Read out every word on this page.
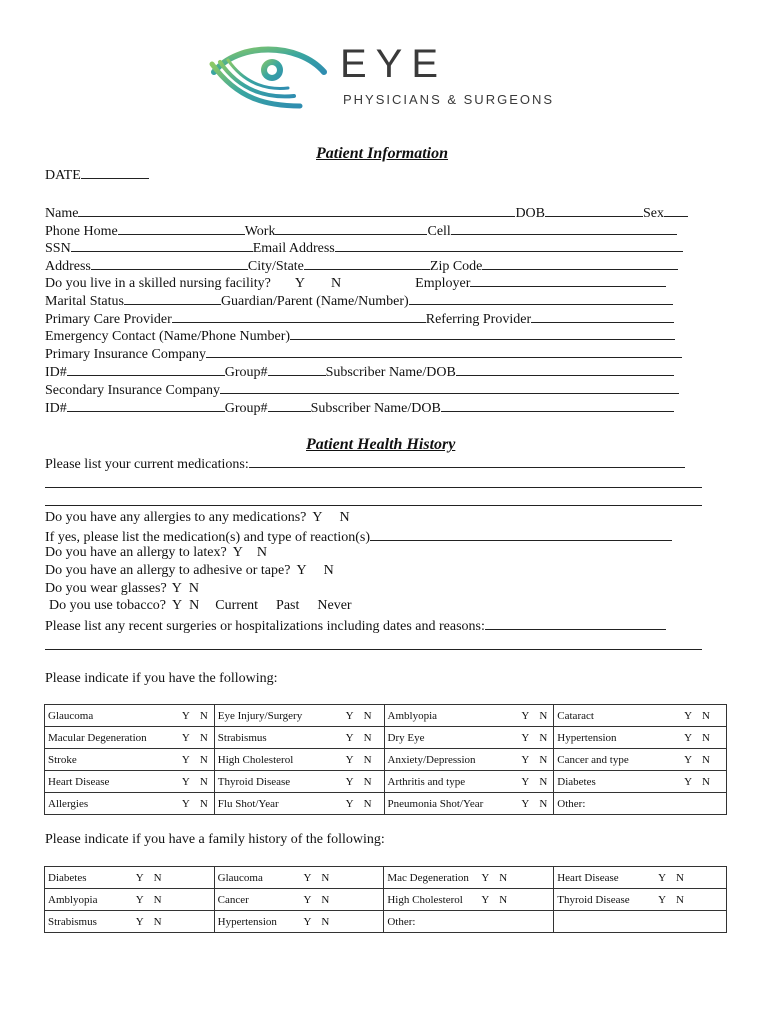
EYE
PHYSICIANS & SURGEONS
Patient Information
DATE
Name	DOB	Sex
Phone Home	Work	Cell
SSN	Email Address
Address	City/State	Zip Code
Do you live in a skilled nursing facility? Y N	Employer
Marital Status	Guardian/Parent (Name/Number)
Primary Care Provider	Referring Provider
Emergency Contact (Name/Phone Number)
Primary Insurance Company
ID#	Group#	Subscriber Name/DOB
Secondary Insurance Company
ID#	Group#	Subscriber Name/DOB
Patient Health History
Please list your current medications:
Do you have any allergies to any medications? Y N
If yes, please list the medication(s) and type of reaction(s)
Do you have an allergy to latex? Y N
Do you have an allergy to adhesive or tape? Y N
Do you wear glasses? Y N
Do you use tobacco? Y N Current Past Never
Please list any recent surgeries or hospitalizations including dates and reasons:
Please indicate if you have the following:
Glaucoma Y N	Eye Injury/Surgery Y N	Amblyopia Y N	Cataract Y N

Macular Degeneration Y N	Strabismus Y N	Dry Eye Y N	Hypertension Y N

Stroke Y N	High Cholesterol Y N	Anxiety/Depression Y N	Cancer and type Y N

Heart Disease Y N	Thyroid Disease Y N	Arthritis and type Y N	Diabetes Y N

Allergies Y N	Flu Shot/Year Y N	Pneumonia Shot/Year Y N	Other:
Please indicate if you have a family history of the following:
Diabetes Y N	Glaucoma Y N	Mac Degeneration Y N	Heart Disease Y N

Amblyopia Y N	Cancer Y N	High Cholesterol Y N	Thyroid Disease Y N

Strabismus Y N	Hypertension Y N	Other:	
